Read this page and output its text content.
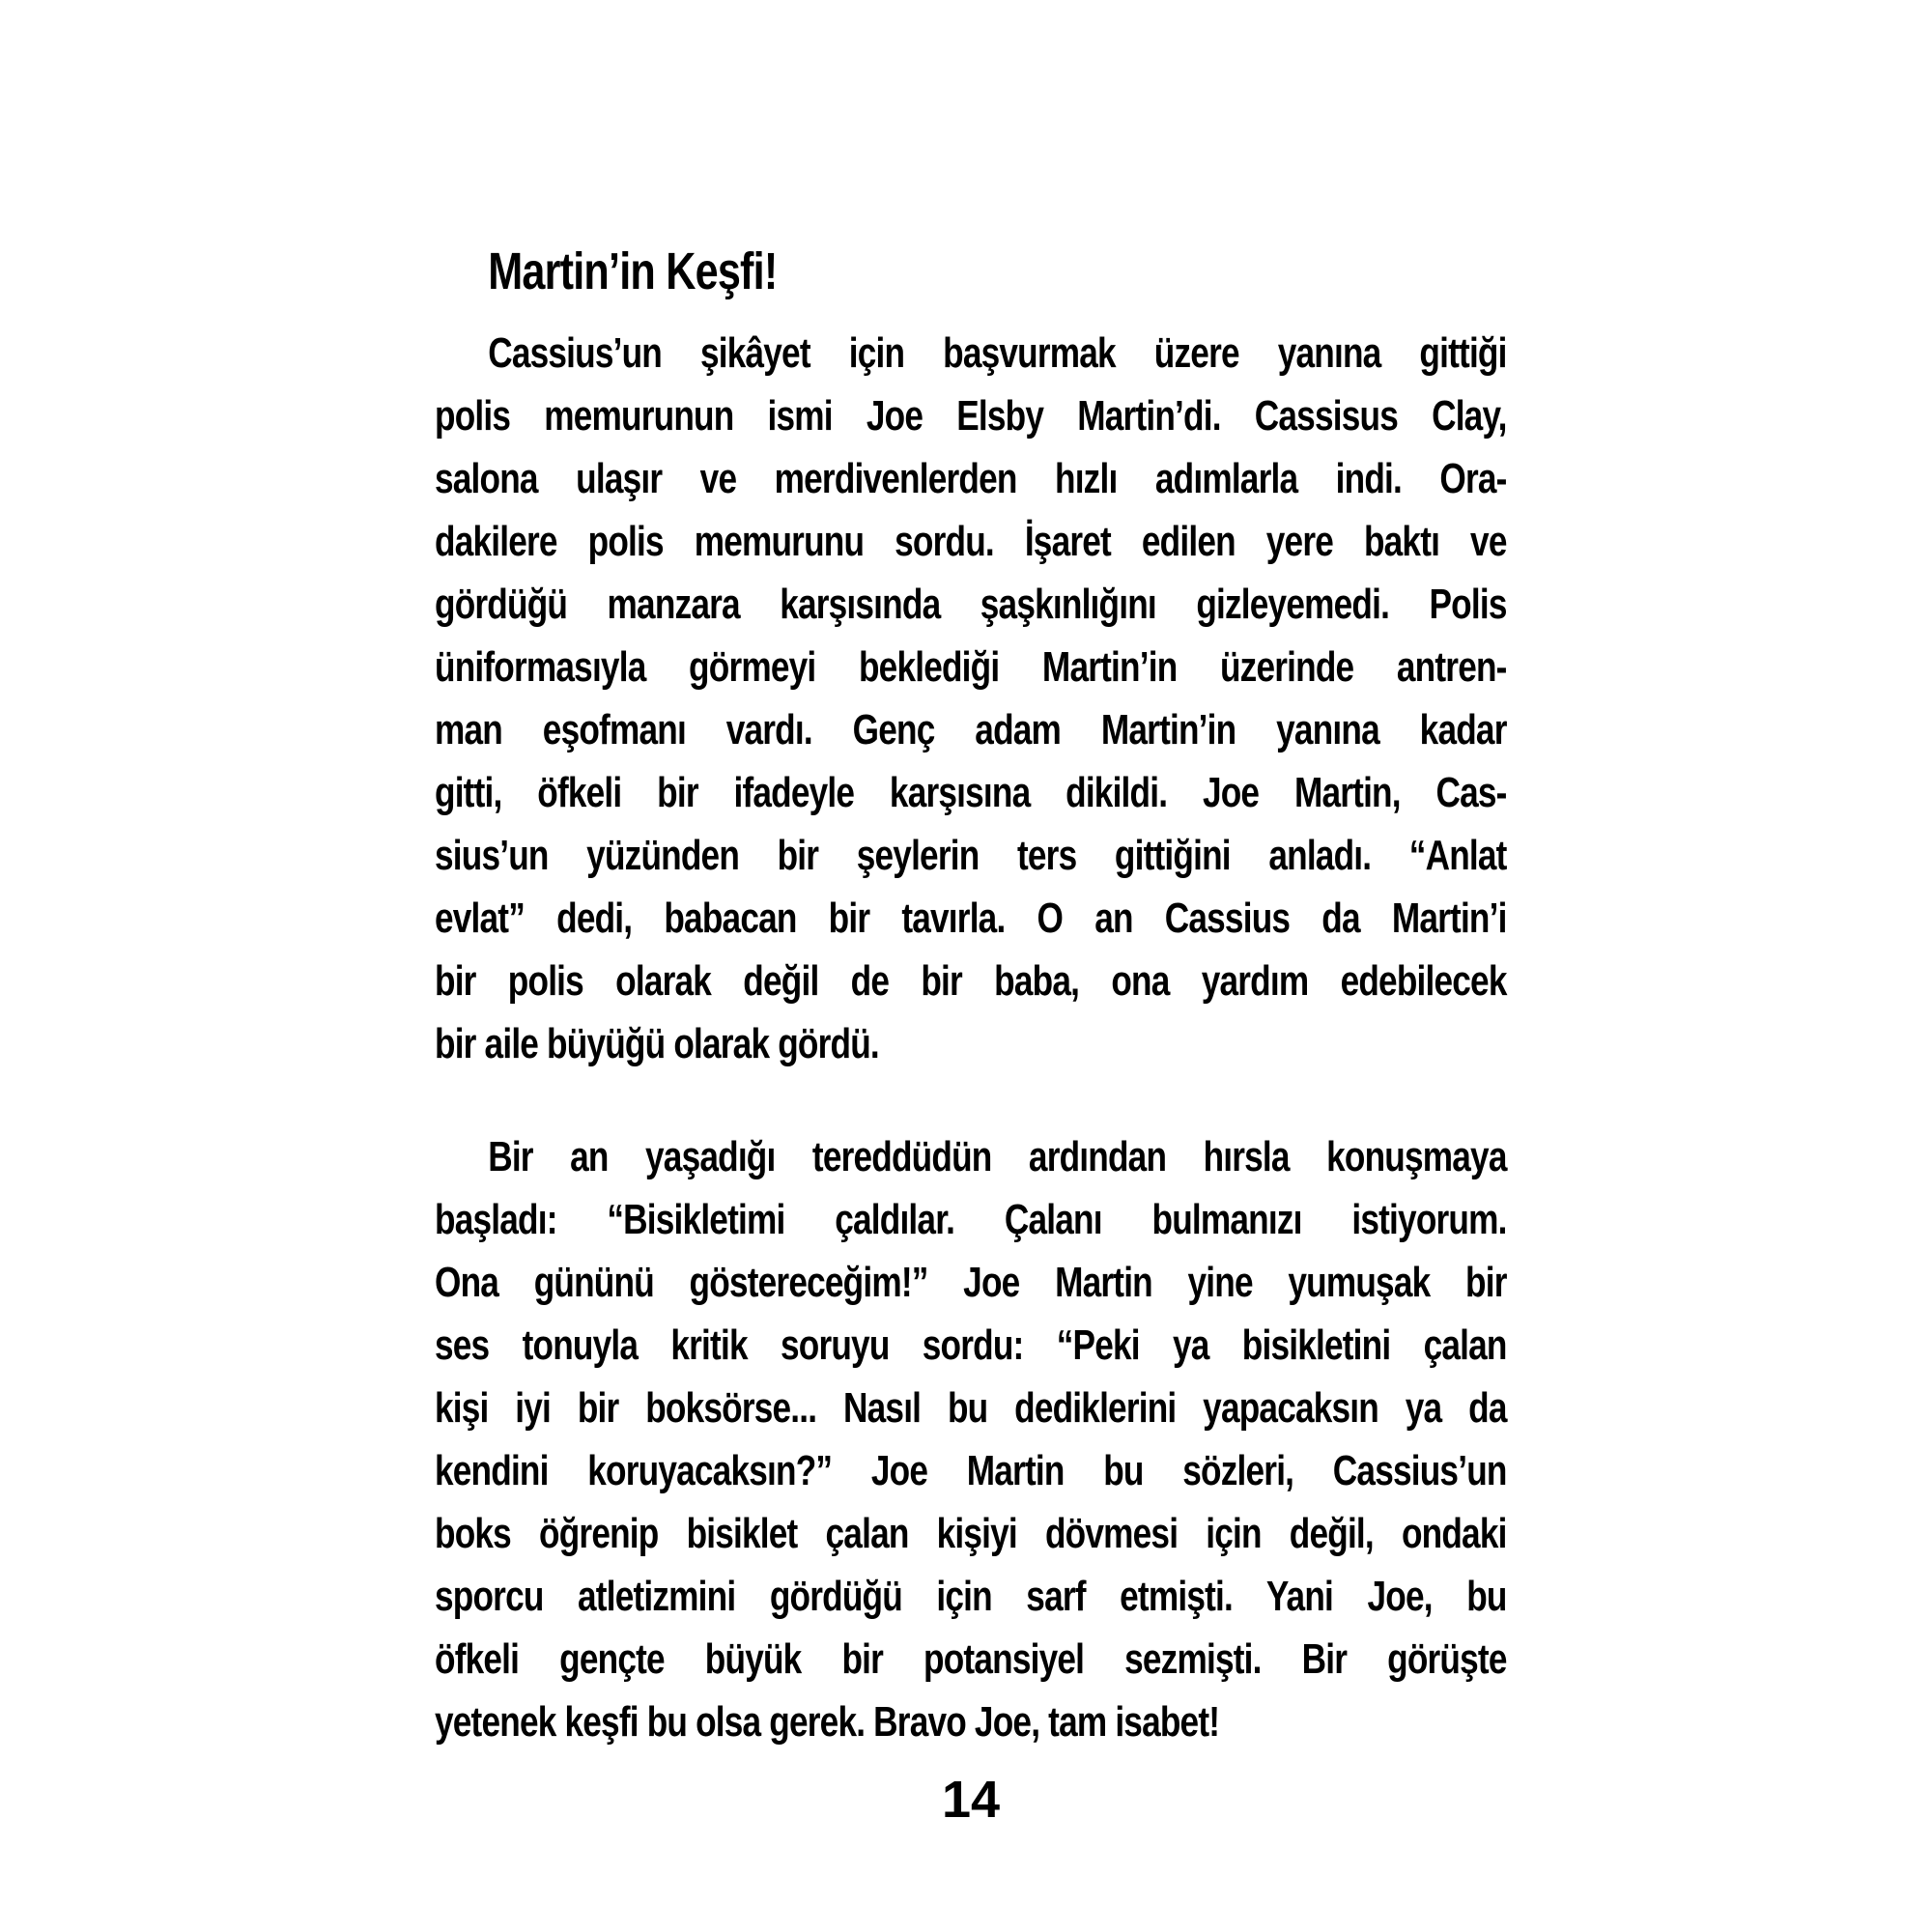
Martin’in Keşfi!
Cassius’un şikâyet için başvurmak üzere yanına gittiği
polis memurunun ismi Joe Elsby Martin’di. Cassisus Clay,
salona ulaşır ve merdivenlerden hızlı adımlarla indi. Ora-
dakilere polis memurunu sordu. İşaret edilen yere baktı ve
gördüğü manzara karşısında şaşkınlığını gizleyemedi. Polis
üniformasıyla görmeyi beklediği Martin’in üzerinde antren-
man eşofmanı vardı. Genç adam Martin’in yanına kadar
gitti, öfkeli bir ifadeyle karşısına dikildi. Joe Martin, Cas-
sius’un yüzünden bir şeylerin ters gittiğini anladı. “Anlat
evlat” dedi, babacan bir tavırla. O an Cassius da Martin’i
bir polis olarak değil de bir baba, ona yardım edebilecek
bir aile büyüğü olarak gördü.
Bir an yaşadığı tereddüdün ardından hırsla konuşmaya
başladı: “Bisikletimi çaldılar. Çalanı bulmanızı istiyorum.
Ona gününü göstereceğim!” Joe Martin yine yumuşak bir
ses tonuyla kritik soruyu sordu: “Peki ya bisikletini çalan
kişi iyi bir boksörse... Nasıl bu dediklerini yapacaksın ya da
kendini koruyacaksın?” Joe Martin bu sözleri, Cassius’un
boks öğrenip bisiklet çalan kişiyi dövmesi için değil, ondaki
sporcu atletizmini gördüğü için sarf etmişti. Yani Joe, bu
öfkeli gençte büyük bir potansiyel sezmişti. Bir görüşte
yetenek keşfi bu olsa gerek. Bravo Joe, tam isabet!
14
